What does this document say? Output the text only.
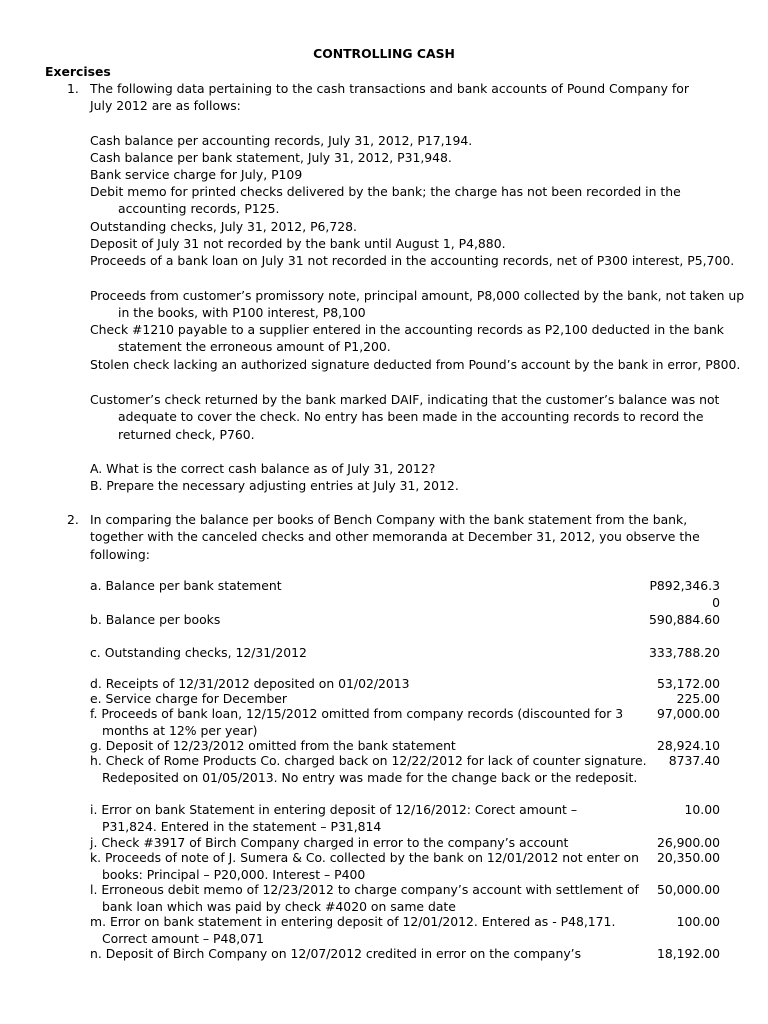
CONTROLLING CASH
Exercises
1. The following data pertaining to the cash transactions and bank accounts of Pound Company for July 2012 are as follows:
Cash balance per accounting records, July 31, 2012, P17,194.
Cash balance per bank statement, July 31, 2012, P31,948.
Bank service charge for July, P109
Debit memo for printed checks delivered by the bank; the charge has not been recorded in the accounting records, P125.
Outstanding checks, July 31, 2012, P6,728.
Deposit of July 31 not recorded by the bank until August 1, P4,880.
Proceeds of a bank loan on July 31 not recorded in the accounting records, net of P300 interest, P5,700.
Proceeds from customer’s promissory note, principal amount, P8,000 collected by the bank, not taken up in the books, with P100 interest, P8,100
Check #1210 payable to a supplier entered in the accounting records as P2,100 deducted in the bank statement the erroneous amount of P1,200.
Stolen check lacking an authorized signature deducted from Pound’s account by the bank in error, P800.
Customer’s check returned by the bank marked DAIF, indicating that the customer’s balance was not adequate to cover the check. No entry has been made in the accounting records to record the returned check, P760.
A. What is the correct cash balance as of July 31, 2012?
B. Prepare the necessary adjusting entries at July 31, 2012.
2. In comparing the balance per books of Bench Company with the bank statement from the bank, together with the canceled checks and other memoranda at December 31, 2012, you observe the following:
a. Balance per bank statement	P892,346.30
b. Balance per books	590,884.60
c. Outstanding checks, 12/31/2012	333,788.20
d. Receipts of 12/31/2012 deposited on 01/02/2013	53,172.00
e. Service charge for December	225.00
f. Proceeds of bank loan, 12/15/2012 omitted from company records (discounted for 3 months at 12% per year)
97,000.00
g. Deposit of 12/23/2012 omitted from the bank statement	28,924.10
h. Check of Rome Products Co. charged back on 12/22/2012 for lack of counter signature. Redeposited on 01/05/2013. No entry was made for the change back or the redeposit.
8737.40
i. Error on bank Statement in entering deposit of 12/16/2012: Corect amount – P31,824. Entered in the statement – P31,814
10.00
j. Check #3917 of Birch Company charged in error to the company’s account	26,900.00
k. Proceeds of note of J. Sumera & Co. collected by the bank on 12/01/2012 not enter on books: Principal – P20,000. Interest – P400
20,350.00
l. Erroneous debit memo of 12/23/2012 to charge company’s account with settlement of bank loan which was paid by check #4020 on same date
50,000.00
m. Error on bank statement in entering deposit of 12/01/2012. Entered as - P48,171. Correct amount – P48,071
100.00
n. Deposit of Birch Company on 12/07/2012 credited in error on the company’s	18,192.00
